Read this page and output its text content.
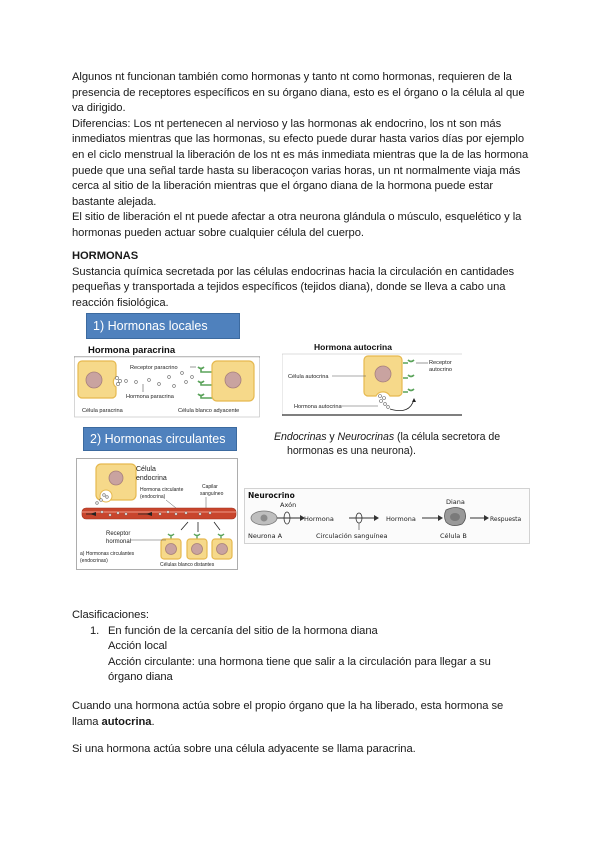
Algunos nt funcionan también como hormonas y tanto nt como hormonas, requieren de la presencia de receptores específicos en su órgano diana, esto es el órgano o la célula al que va dirigido.

Diferencias: Los nt pertenecen al nervioso y las hormonas ak endocrino, los nt son más inmediatos mientras que las hormonas, su efecto puede durar hasta varios días por ejemplo en el ciclo menstrual la liberación de los nt es más inmediata mientras que la de las hormona puede que una señal tarde hasta su liberacoçon varias horas, un nt normalmente viaja más cerca al sitio de la liberación mientras que el órgano diana de la hormona puede estar bastante alejada.

El sitio de liberación el nt puede afectar a otra neurona glándula o músculo, esquelético y la hormonas pueden actuar sobre cualquier célula del cuerpo.

HORMONAS

Sustancia química secretada por las células endocrinas hacia la circulación en cantidades pequeñas y transportada a tejidos específicos (tejidos diana), donde se lleva a cabo una reacción fisiológica.

1) Hormonas locales
Hormona paracrina
Receptor paracrino
Hormona paracrina
Célula paracrina	Célula blanco adyacente
Hormona autocrina
Receptor
autocrino
Célula autocrina
Hormona autocrina
2) Hormonas circulantes	Endocrinas y Neurocrinas (la célula secretora de

hormonas es una neurona).

Célula
endocrina
Hormona circulante
(endocrina)
Capilar
sanguíneo
Receptor
hormonal
a) Hormonas circulantes
(endocrinas)
Células blanco distantes
Neurocrino
Axón
Hormona	Hormona
Diana
Respuesta
Neurona A	Circulación sanguínea	Célula B

Clasificaciones:

1. En función de la cercanía del sitio de la hormona diana

Acción local

Acción circulante: una hormona tiene que salir a la circulación para llegar a su

órgano diana

Cuando una hormona actúa sobre el propio órgano que la ha liberado, esta hormona se llama autocrina.

Si una hormona actúa sobre una célula adyacente se llama paracrina.
